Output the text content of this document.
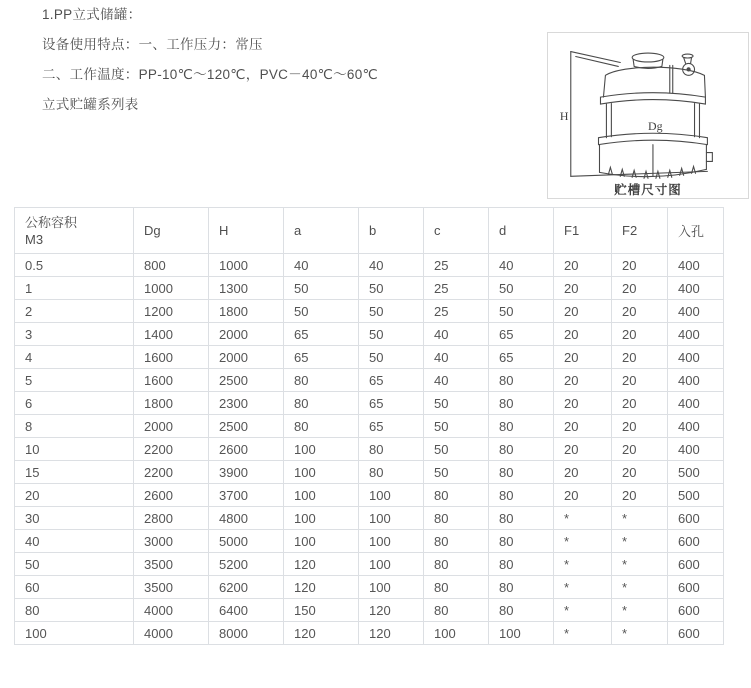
1.PP立式储罐：

设备使用特点：一、工作压力：常压

二、工作温度：PP-10℃～120℃，PVC－40℃～60℃

立式贮罐系列表

H
Dg
贮槽尺寸图
公称容积
M3	Dg	H	a	b	c	d	F1	F2	入孔
0.5	800	1000	40	40	25	40	20	20	400
1	1000	1300	50	50	25	50	20	20	400
2	1200	1800	50	50	25	50	20	20	400
3	1400	2000	65	50	40	65	20	20	400
4	1600	2000	65	50	40	65	20	20	400
5	1600	2500	80	65	40	80	20	20	400
6	1800	2300	80	65	50	80	20	20	400
8	2000	2500	80	65	50	80	20	20	400
10	2200	2600	100	80	50	80	20	20	400
15	2200	3900	100	80	50	80	20	20	500
20	2600	3700	100	100	80	80	20	20	500
30	2800	4800	100	100	80	80	*	*	600
40	3000	5000	100	100	80	80	*	*	600
50	3500	5200	120	100	80	80	*	*	600
60	3500	6200	120	100	80	80	*	*	600
80	4000	6400	150	120	80	80	*	*	600
100	4000	8000	120	120	100	100	*	*	600
